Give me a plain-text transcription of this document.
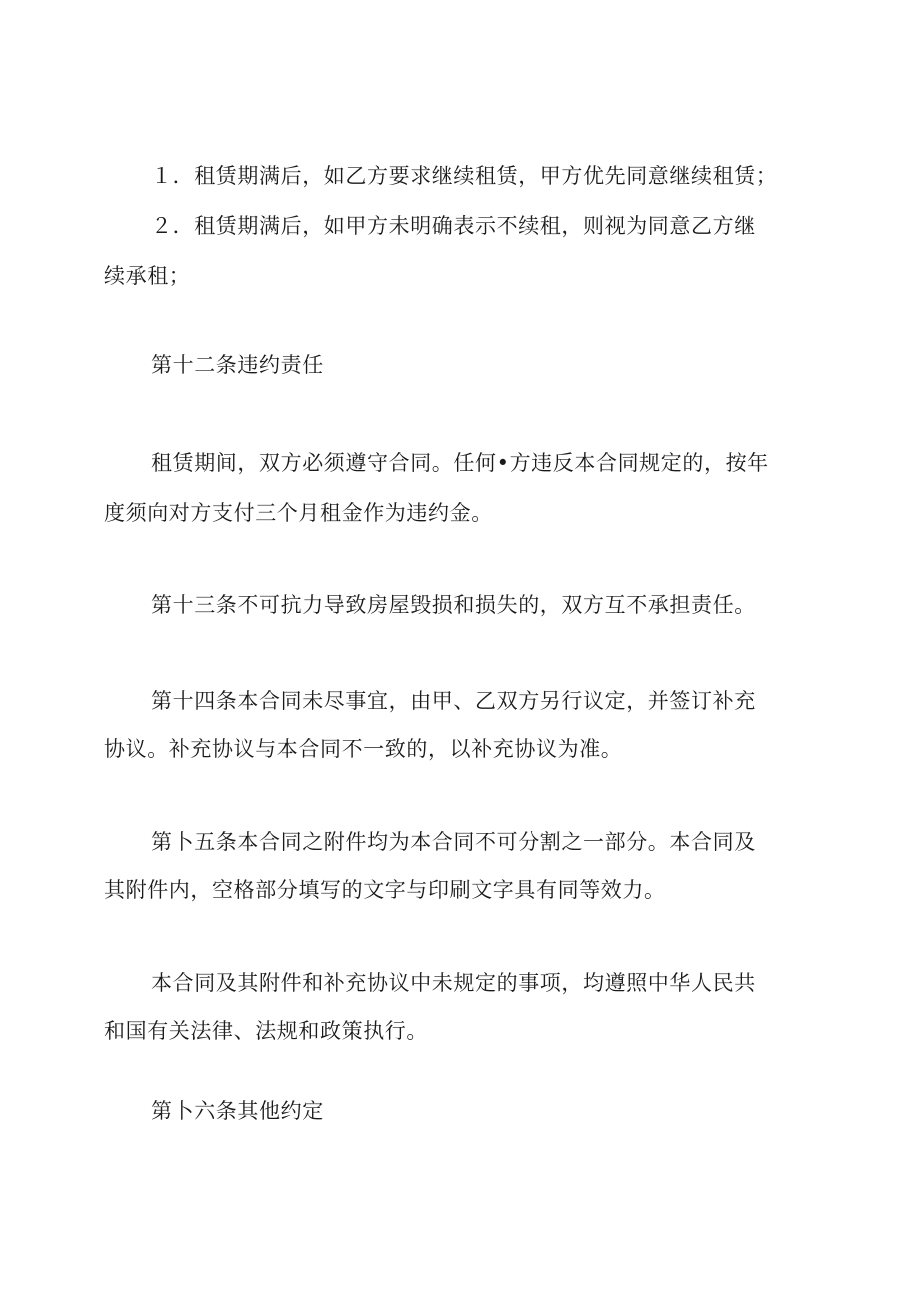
１．租赁期满后，如乙方要求继续租赁，甲方优先同意继续租赁；
２．租赁期满后，如甲方未明确表示不续租，则视为同意乙方继
续承租；
第十二条违约责任
租赁期间，双方必须遵守合同。任何•方违反本合同规定的，按年
度须向对方支付三个月租金作为违约金。
第十三条不可抗力导致房屋毁损和损失的，双方互不承担责任。
第十四条本合同未尽事宜，由甲、乙双方另行议定，并签订补充
协议。补充协议与本合同不一致的，以补充协议为准。
第卜五条本合同之附件均为本合同不可分割之一部分。本合同及
其附件内，空格部分填写的文字与印刷文字具有同等效力。
本合同及其附件和补充协议中未规定的事项，均遵照中华人民共
和国有关法律、法规和政策执行。
第卜六条其他约定
